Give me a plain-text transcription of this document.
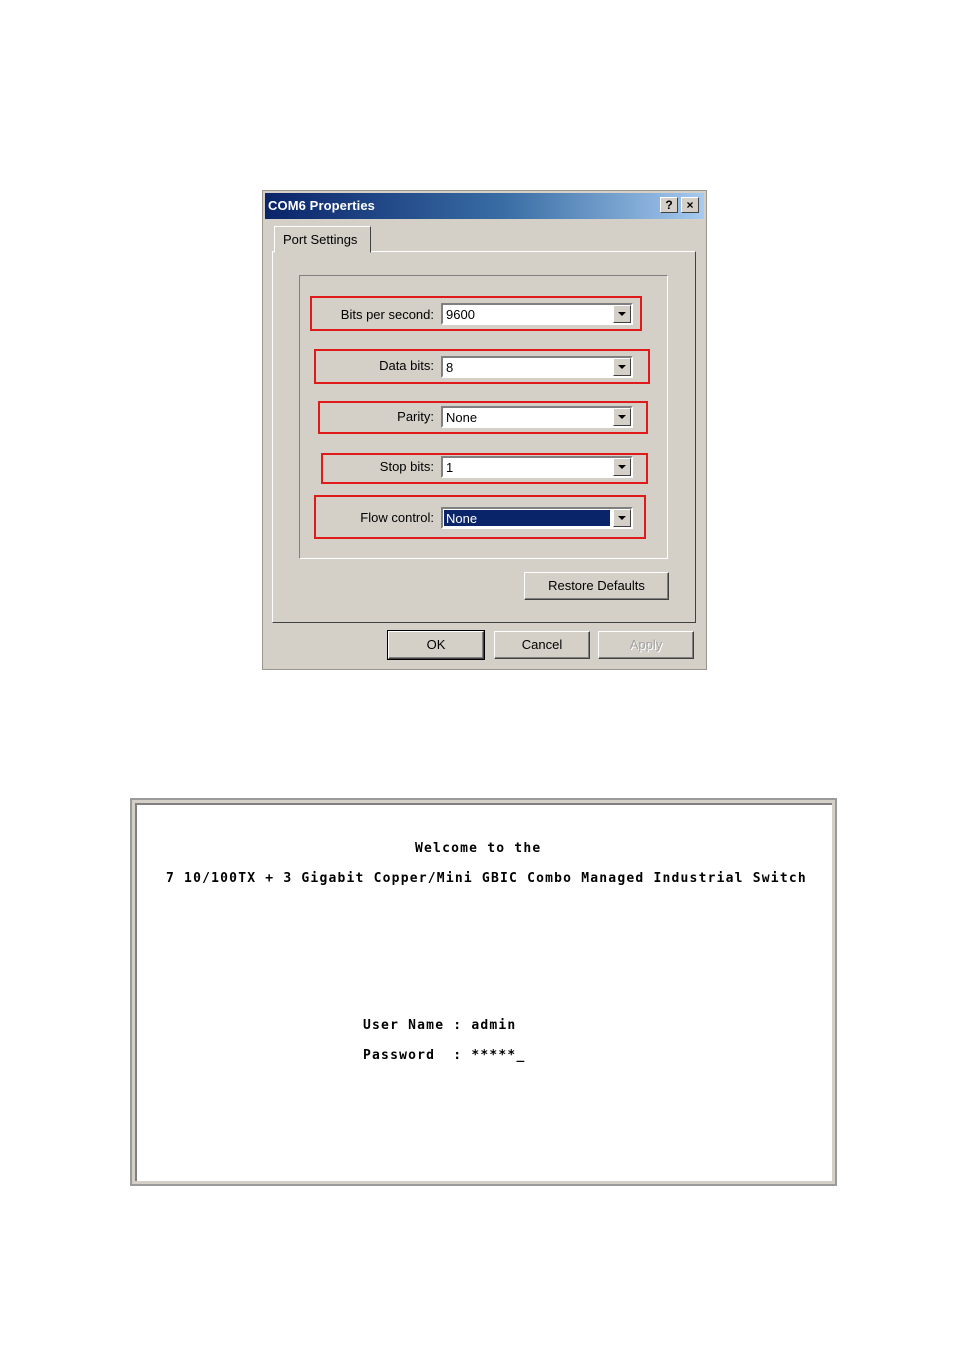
COM6 Properties	?	×
Port Settings
Bits per second: 9600
Data bits: 8
Parity: None
Stop bits: 1
Flow control: None
Restore Defaults
OK	Cancel	Apply
Welcome to the
7 10/100TX + 3 Gigabit Copper/Mini GBIC Combo Managed Industrial Switch
User Name : admin
Password  : *****_
